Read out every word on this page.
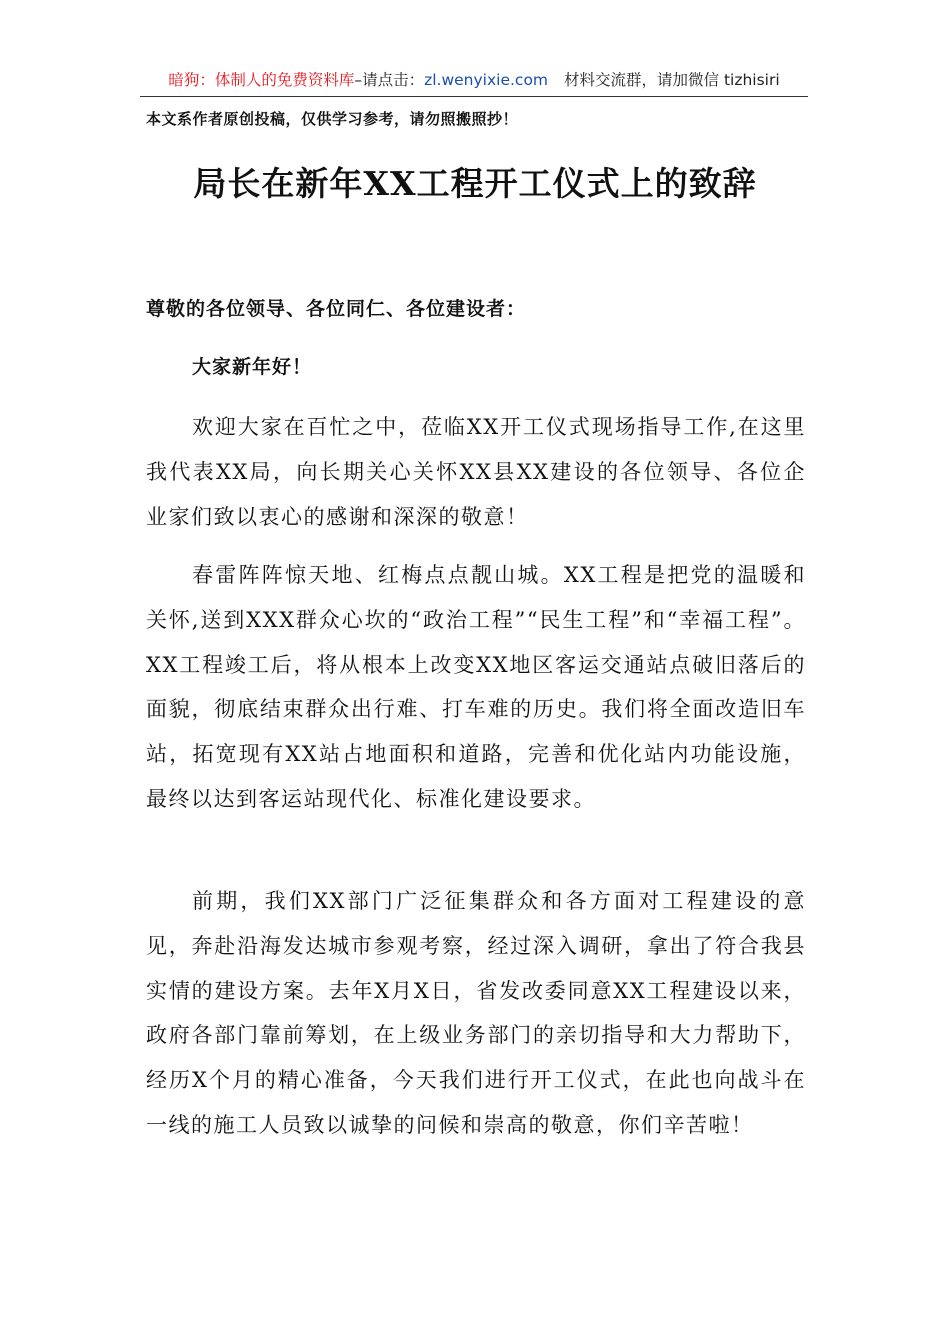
暗狗：体制人的免费资料库–请点击：zl.wenyixie.com 材料交流群，请加微信 tizhisiri
本文系作者原创投稿，仅供学习参考，请勿照搬照抄！
局长在新年XX工程开工仪式上的致辞
尊敬的各位领导、各位同仁、各位建设者：
大家新年好！

欢迎大家在百忙之中，莅临XX开工仪式现场指导工作,在这里我代表XX局，向长期关心关怀XX县XX建设的各位领导、各位企业家们致以衷心的感谢和深深的敬意！

春雷阵阵惊天地、红梅点点靓山城。XX工程是把党的温暖和关怀,送到XXX群众心坎的“政治工程”“民生工程”和“幸福工程”。XX工程竣工后，将从根本上改变XX地区客运交通站点破旧落后的面貌，彻底结束群众出行难、打车难的历史。我们将全面改造旧车站，拓宽现有XX站占地面积和道路，完善和优化站内功能设施，最终以达到客运站现代化、标准化建设要求。

前期，我们XX部门广泛征集群众和各方面对工程建设的意见，奔赴沿海发达城市参观考察，经过深入调研，拿出了符合我县实情的建设方案。去年X月X日，省发改委同意XX工程建设以来，政府各部门靠前筹划，在上级业务部门的亲切指导和大力帮助下，经历X个月的精心准备，今天我们进行开工仪式，在此也向战斗在一线的施工人员致以诚挚的问候和崇高的敬意，你们辛苦啦！
